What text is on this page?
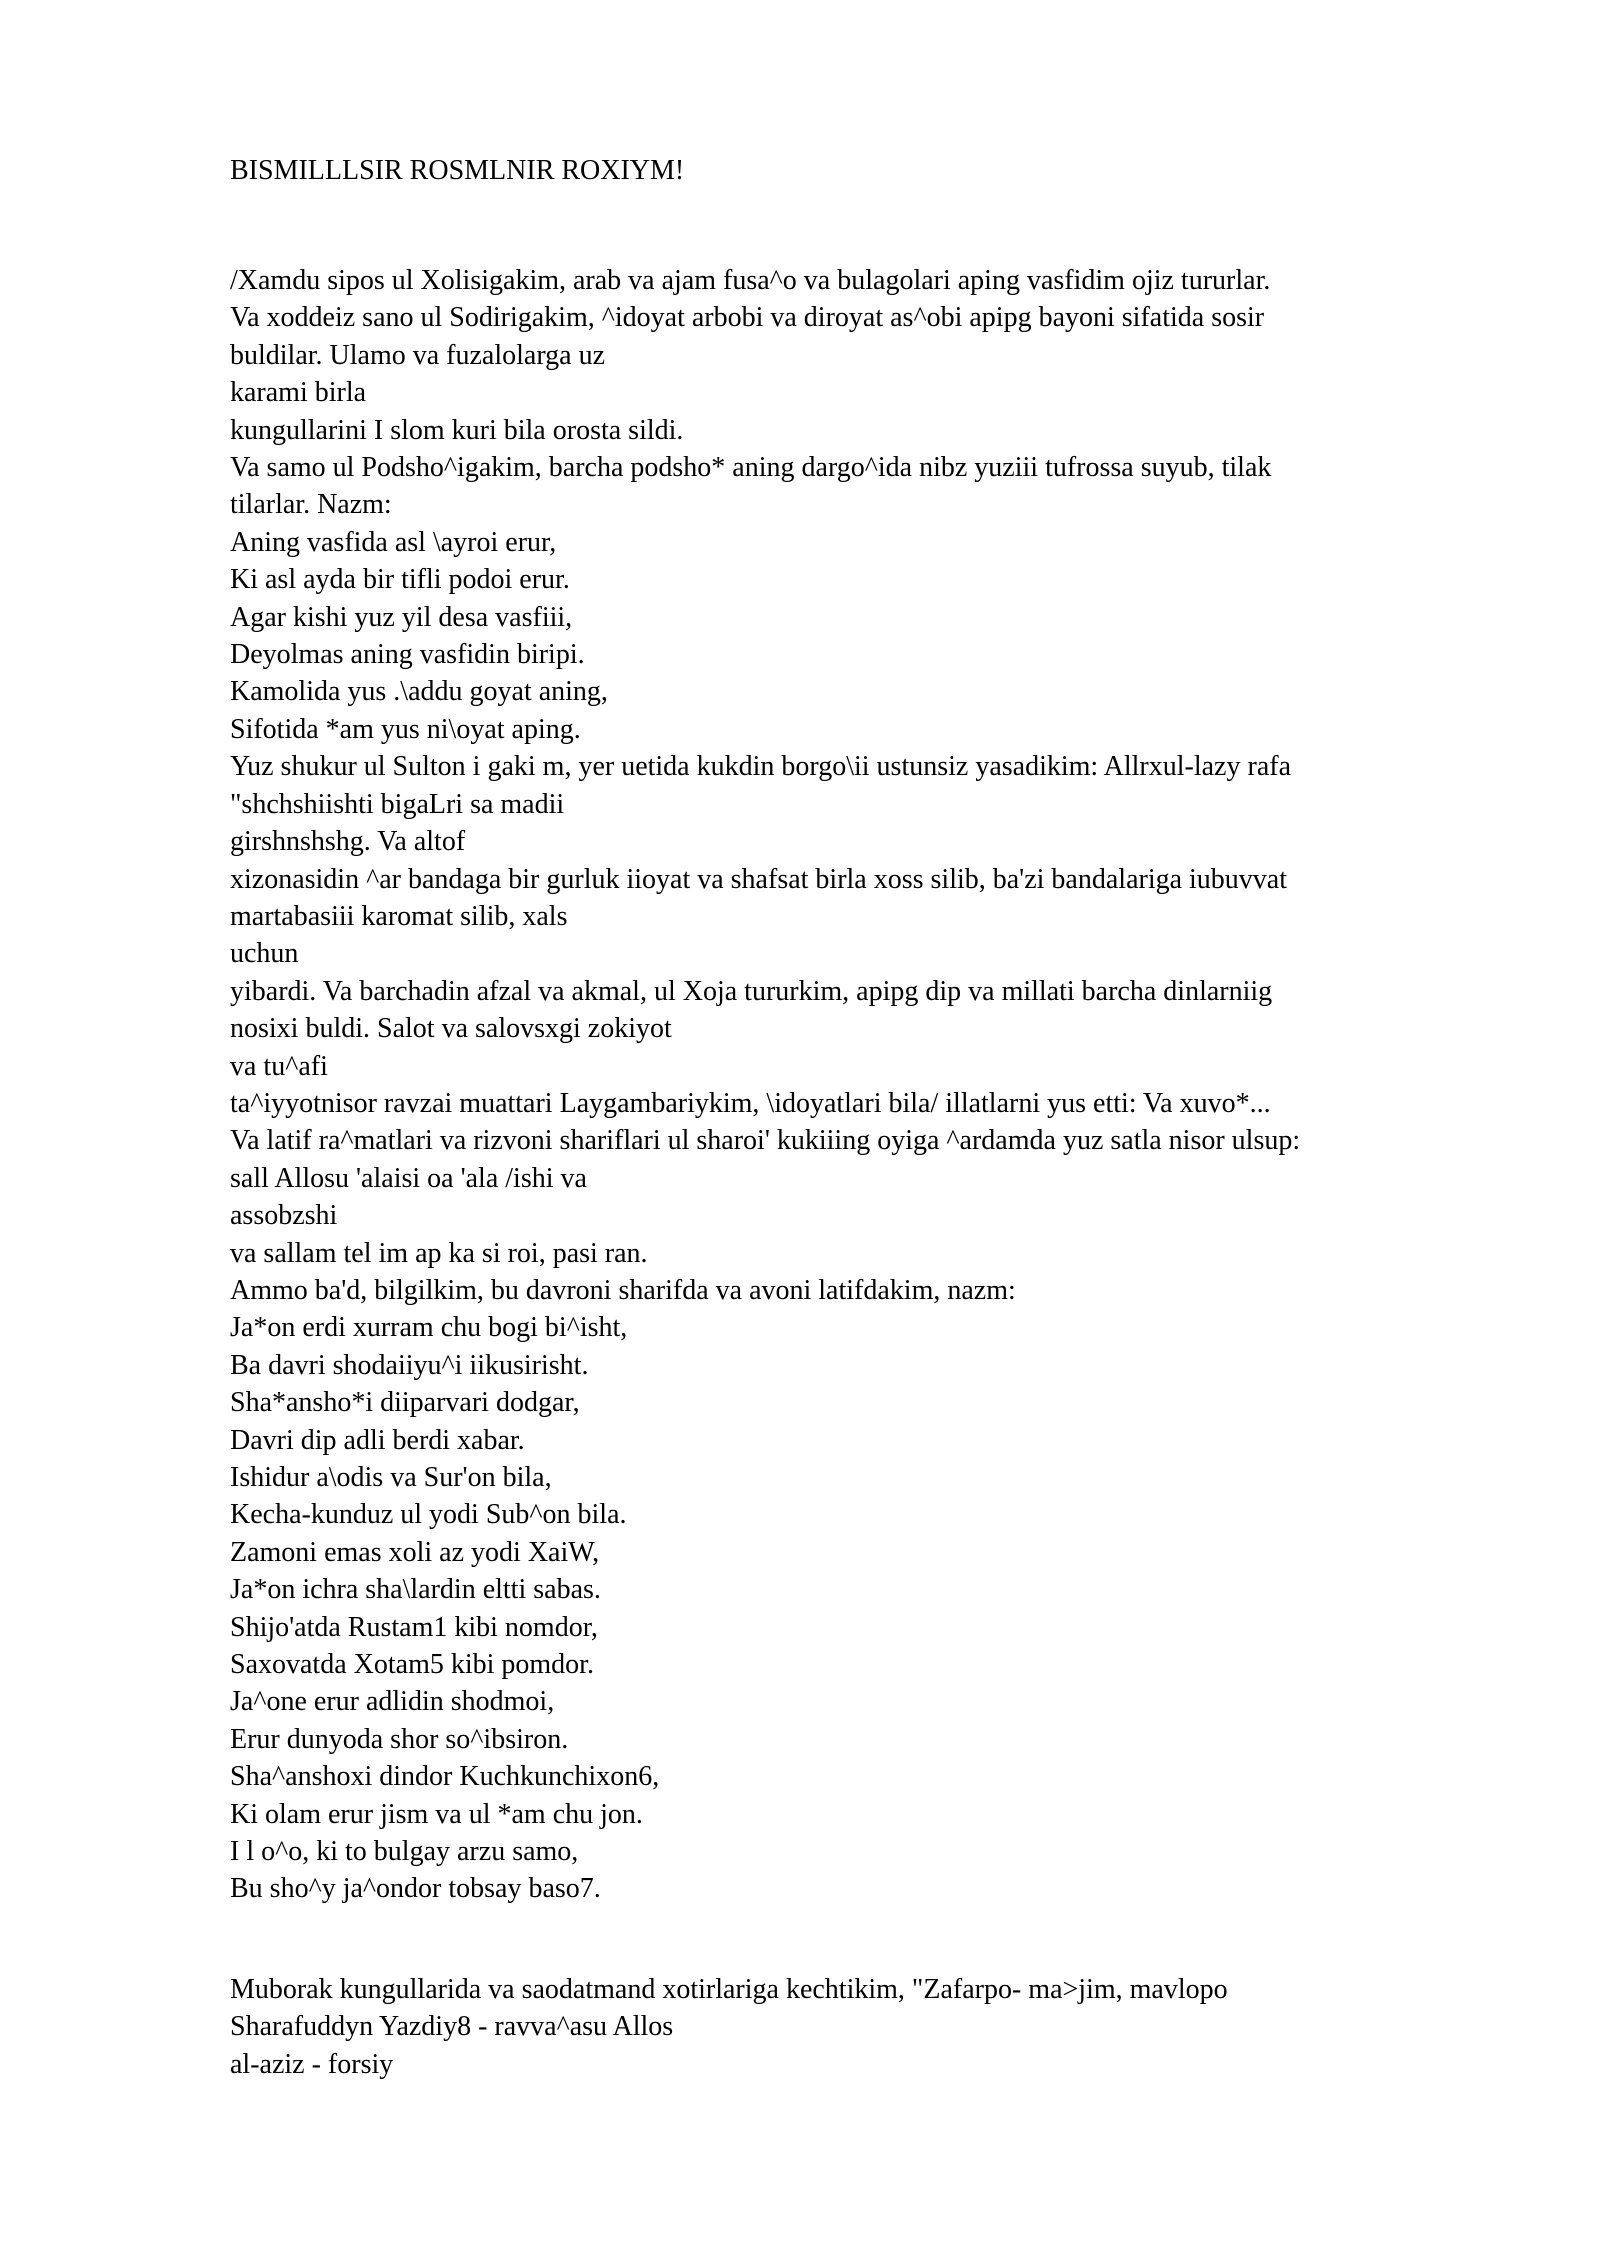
BISMILLLSIR ROSMLNIR ROXIYM!
/Xamdu sipos ul Xolisigakim, arab va ajam fusa^o va bulagolari aping vasfidim ojiz tururlar.
Va xoddeiz sano ul Sodirigakim, ^idoyat arbobi va diroyat as^obi apipg bayoni sifatida sosir
buldilar. Ulamo va fuzalolarga uz
karami birla
kungullarini I slom kuri bila orosta sildi.
Va samo ul Podsho^igakim, barcha podsho* aning dargo^ida nibz yuziii tufrossa suyub, tilak
tilarlar. Nazm:
Aning vasfida asl \ayroi erur,
Ki asl ayda bir tifli podoi erur.
Agar kishi yuz yil desa vasfiii,
Deyolmas aning vasfidin biripi.
Kamolida yus .\addu goyat aning,
Sifotida *am yus ni\oyat aping.
Yuz shukur ul Sulton i gaki m, yer uetida kukdin borgo\ii ustunsiz yasadikim: Allrxul-lazy rafa
"shchshiishti bigaLri sa madii
girshnshshg. Va altof
xizonasidin ^ar bandaga bir gurluk iioyat va shafsat birla xoss silib, ba'zi bandalariga iubuvvat
martabasiii karomat silib, xals
uchun
yibardi. Va barchadin afzal va akmal, ul Xoja tururkim, apipg dip va millati barcha dinlarniig
nosixi buldi. Salot va salovsxgi zokiyot
va tu^afi
ta^iyyotnisor ravzai muattari Laygambariykim, \idoyatlari bila/ illatlarni yus etti: Va xuvo*...
Va latif ra^matlari va rizvoni shariflari ul sharoi' kukiiing oyiga ^ardamda yuz satla nisor ulsup:
sall Allosu 'alaisi oa 'ala /ishi va
assobzshi
va sallam tel im ap ka si roi, pasi ran.
Ammo ba'd, bilgilkim, bu davroni sharifda va avoni latifdakim, nazm:
Ja*on erdi xurram chu bogi bi^isht,
Ba davri shodaiiyu^i iikusirisht.
Sha*ansho*i diiparvari dodgar,
Davri dip adli berdi xabar.
Ishidur a\odis va Sur'on bila,
Kecha-kunduz ul yodi Sub^on bila.
Zamoni emas xoli az yodi XaiW,
Ja*on ichra sha\lardin eltti sabas.
Shijo'atda Rustam1 kibi nomdor,
Saxovatda Xotam5 kibi pomdor.
Ja^one erur adlidin shodmoi,
Erur dunyoda shor so^ibsiron.
Sha^anshoxi dindor Kuchkunchixon6,
Ki olam erur jism va ul *am chu jon.
I l o^o, ki to bulgay arzu samo,
Bu sho^y ja^ondor tobsay baso7.
Muborak kungullarida va saodatmand xotirlariga kechtikim, "Zafarpo- ma>jim, mavlopo
Sharafuddyn Yazdiy8 - ravva^asu Allos
al-aziz - forsiy
